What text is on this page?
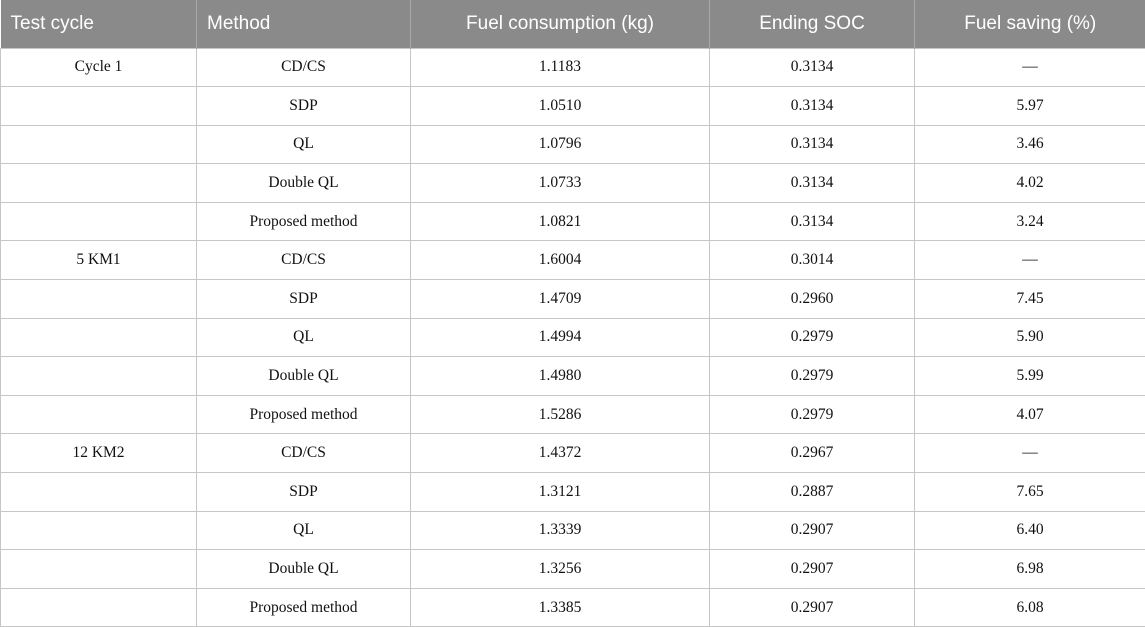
Test cycle	Method	Fuel consumption (kg)	Ending SOC	Fuel saving (%)
Cycle 1	CD/CS	1.1183	0.3134	—
	SDP	1.0510	0.3134	5.97
	QL	1.0796	0.3134	3.46
	Double QL	1.0733	0.3134	4.02
	Proposed method	1.0821	0.3134	3.24
5 KM1	CD/CS	1.6004	0.3014	—
	SDP	1.4709	0.2960	7.45
	QL	1.4994	0.2979	5.90
	Double QL	1.4980	0.2979	5.99
	Proposed method	1.5286	0.2979	4.07
12 KM2	CD/CS	1.4372	0.2967	—
	SDP	1.3121	0.2887	7.65
	QL	1.3339	0.2907	6.40
	Double QL	1.3256	0.2907	6.98
	Proposed method	1.3385	0.2907	6.08
